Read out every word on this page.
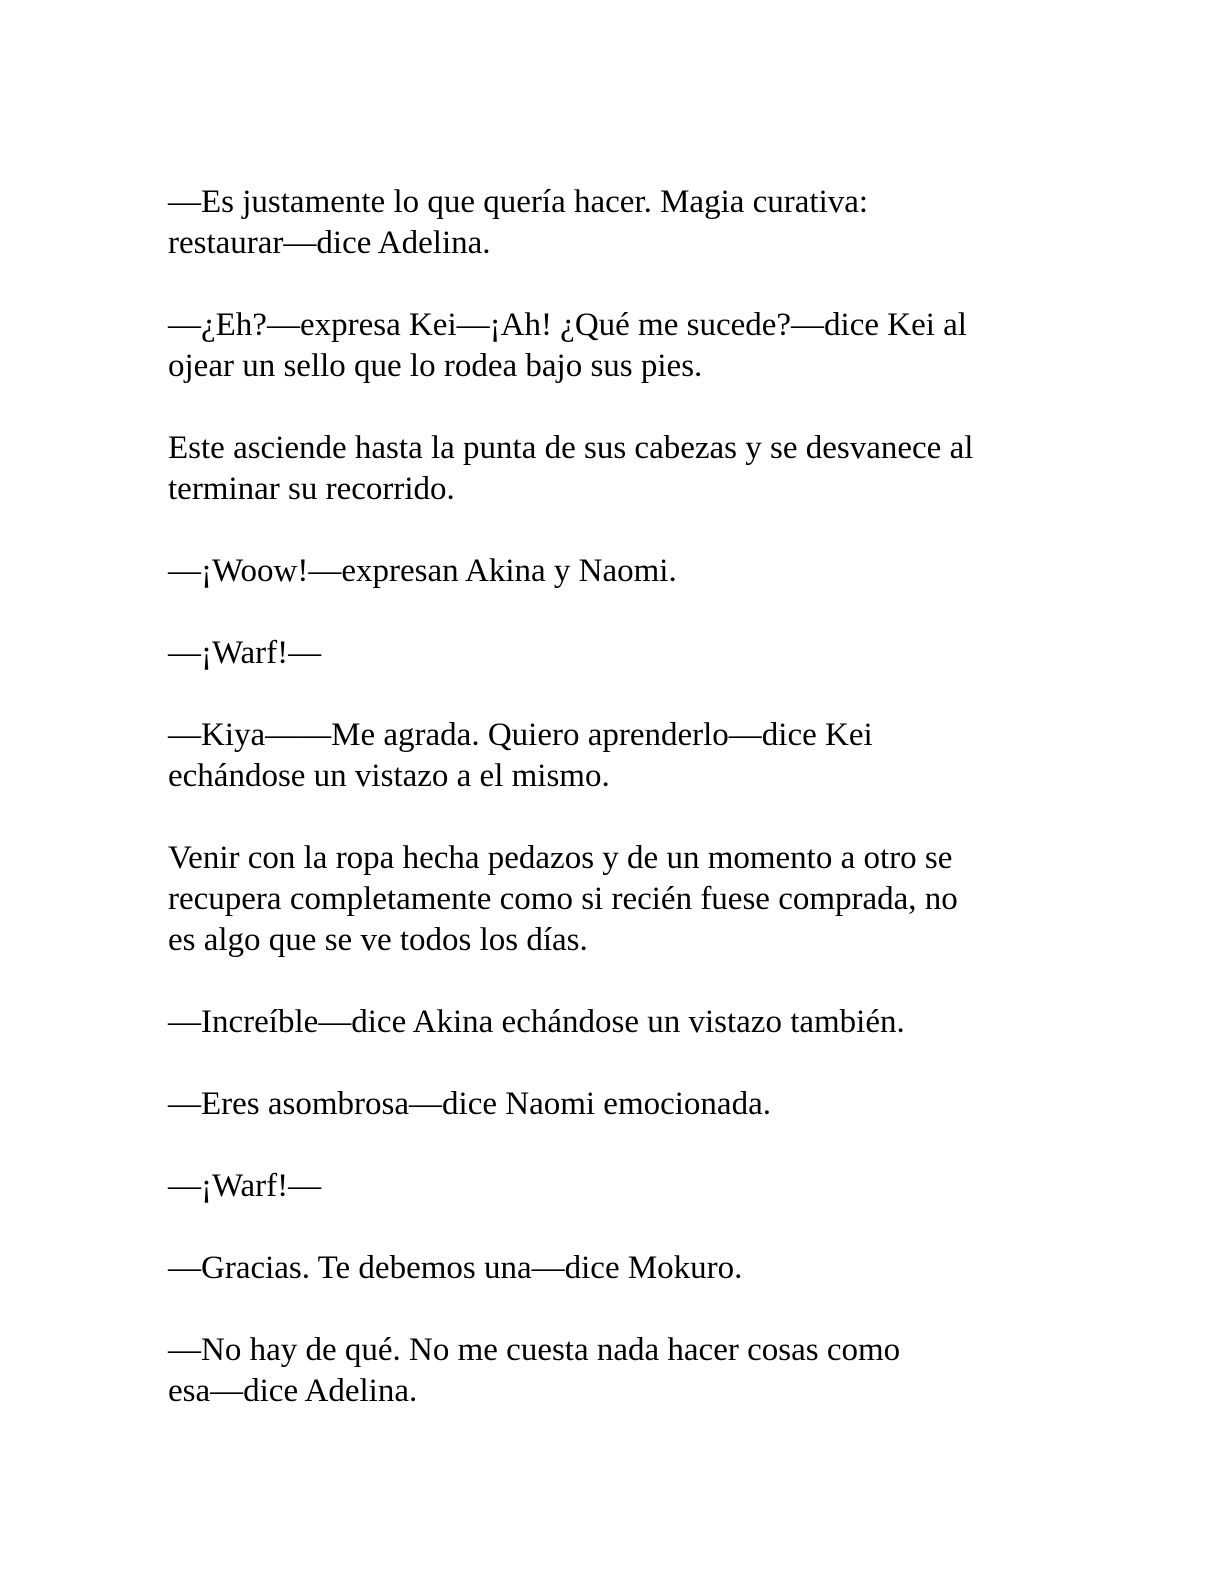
—Es justamente lo que quería hacer. Magia curativa:
restaurar—dice Adelina.

—¿Eh?—expresa Kei—¡Ah! ¿Qué me sucede?—dice Kei al
ojear un sello que lo rodea bajo sus pies.

Este asciende hasta la punta de sus cabezas y se desvanece al
terminar su recorrido.

—¡Woow!—expresan Akina y Naomi.

—¡Warf!—

—Kiya——Me agrada. Quiero aprenderlo—dice Kei
echándose un vistazo a el mismo.

Venir con la ropa hecha pedazos y de un momento a otro se
recupera completamente como si recién fuese comprada, no
es algo que se ve todos los días.

—Increíble—dice Akina echándose un vistazo también.

—Eres asombrosa—dice Naomi emocionada.

—¡Warf!—

—Gracias. Te debemos una—dice Mokuro.

—No hay de qué. No me cuesta nada hacer cosas como
esa—dice Adelina.
